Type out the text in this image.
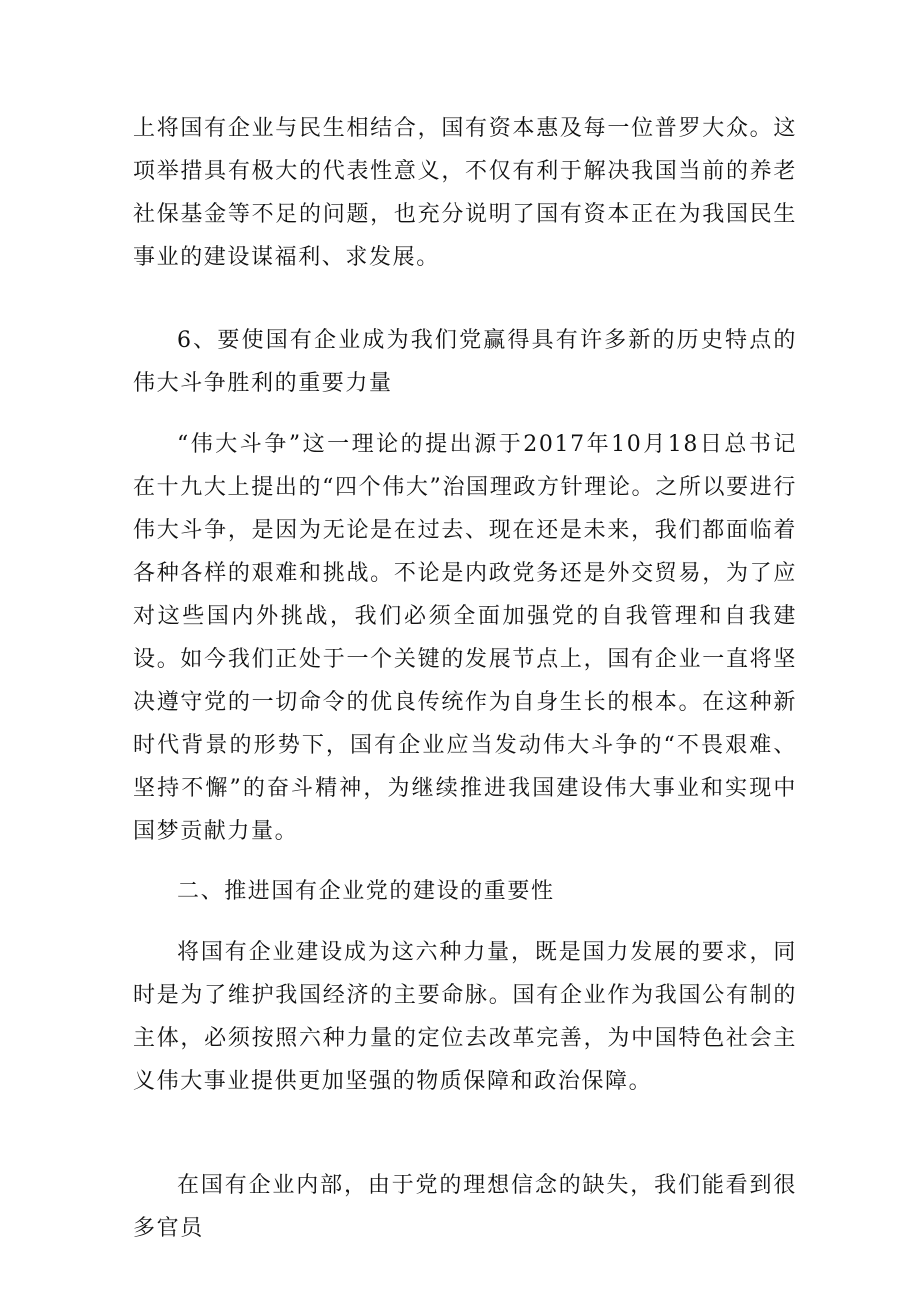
上将国有企业与民生相结合，国有资本惠及每一位普罗大众。这项举措具有极大的代表性意义，不仅有利于解决我国当前的养老社保基金等不足的问题，也充分说明了国有资本正在为我国民生事业的建设谋福利、求发展。

6、要使国有企业成为我们党赢得具有许多新的历史特点的伟大斗争胜利的重要力量

“伟大斗争”这一理论的提出源于2017年10月18日总书记在十九大上提出的“四个伟大”治国理政方针理论。之所以要进行伟大斗争，是因为无论是在过去、现在还是未来，我们都面临着各种各样的艰难和挑战。不论是内政党务还是外交贸易，为了应对这些国内外挑战，我们必须全面加强党的自我管理和自我建设。如今我们正处于一个关键的发展节点上，国有企业一直将坚决遵守党的一切命令的优良传统作为自身生长的根本。在这种新时代背景的形势下，国有企业应当发动伟大斗争的“不畏艰难、坚持不懈”的奋斗精神，为继续推进我国建设伟大事业和实现中国梦贡献力量。

二、推进国有企业党的建设的重要性

将国有企业建设成为这六种力量，既是国力发展的要求，同时是为了维护我国经济的主要命脉。国有企业作为我国公有制的主体，必须按照六种力量的定位去改革完善，为中国特色社会主义伟大事业提供更加坚强的物质保障和政治保障。

在国有企业内部，由于党的理想信念的缺失，我们能看到很多官员
